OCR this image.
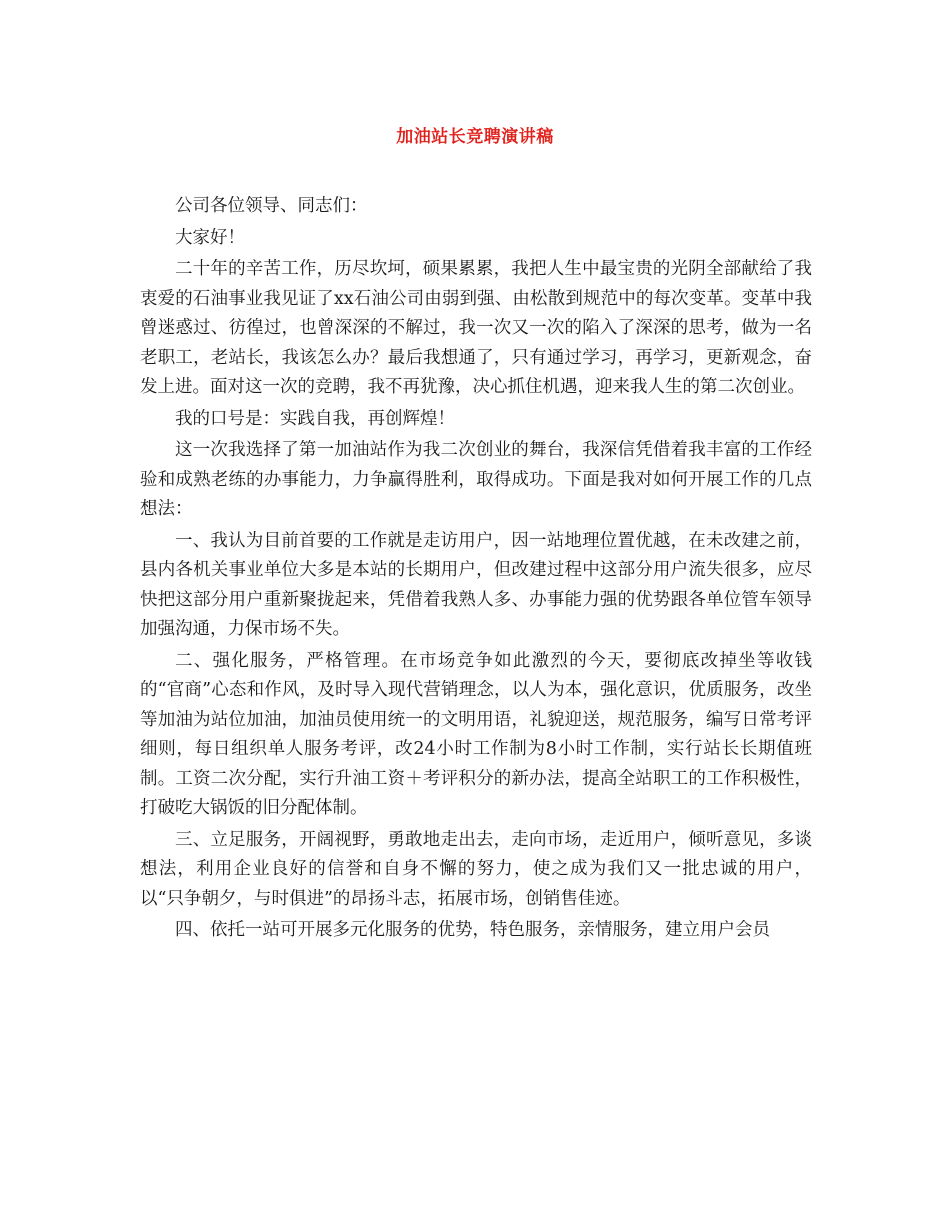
加油站长竞聘演讲稿

公司各位领导、同志们：

大家好！

二十年的辛苦工作，历尽坎坷，硕果累累，我把人生中最宝贵的光阴全部献给了我衷爱的石油事业我见证了xx石油公司由弱到强、由松散到规范中的每次变革。变革中我曾迷惑过、彷徨过，也曾深深的不解过，我一次又一次的陷入了深深的思考，做为一名老职工，老站长，我该怎么办？最后我想通了，只有通过学习，再学习，更新观念，奋发上进。面对这一次的竞聘，我不再犹豫，决心抓住机遇，迎来我人生的第二次创业。

我的口号是：实践自我，再创辉煌！

这一次我选择了第一加油站作为我二次创业的舞台，我深信凭借着我丰富的工作经验和成熟老练的办事能力，力争赢得胜利，取得成功。下面是我对如何开展工作的几点想法：

一、我认为目前首要的工作就是走访用户，因一站地理位置优越，在未改建之前，县内各机关事业单位大多是本站的长期用户，但改建过程中这部分用户流失很多，应尽快把这部分用户重新聚拢起来，凭借着我熟人多、办事能力强的优势跟各单位管车领导加强沟通，力保市场不失。

二、强化服务，严格管理。在市场竞争如此激烈的今天，要彻底改掉坐等收钱的“官商”心态和作风，及时导入现代营销理念，以人为本，强化意识，优质服务，改坐等加油为站位加油，加油员使用统一的文明用语，礼貌迎送，规范服务，编写日常考评细则，每日组织单人服务考评，改24小时工作制为8小时工作制，实行站长长期值班制。工资二次分配，实行升油工资＋考评积分的新办法，提高全站职工的工作积极性，打破吃大锅饭的旧分配体制。

三、立足服务，开阔视野，勇敢地走出去，走向市场，走近用户，倾听意见，多谈想法，利用企业良好的信誉和自身不懈的努力，使之成为我们又一批忠诚的用户，以“只争朝夕，与时俱进”的昂扬斗志，拓展市场，创销售佳迹。

四、依托一站可开展多元化服务的优势，特色服务，亲情服务，建立用户会员
